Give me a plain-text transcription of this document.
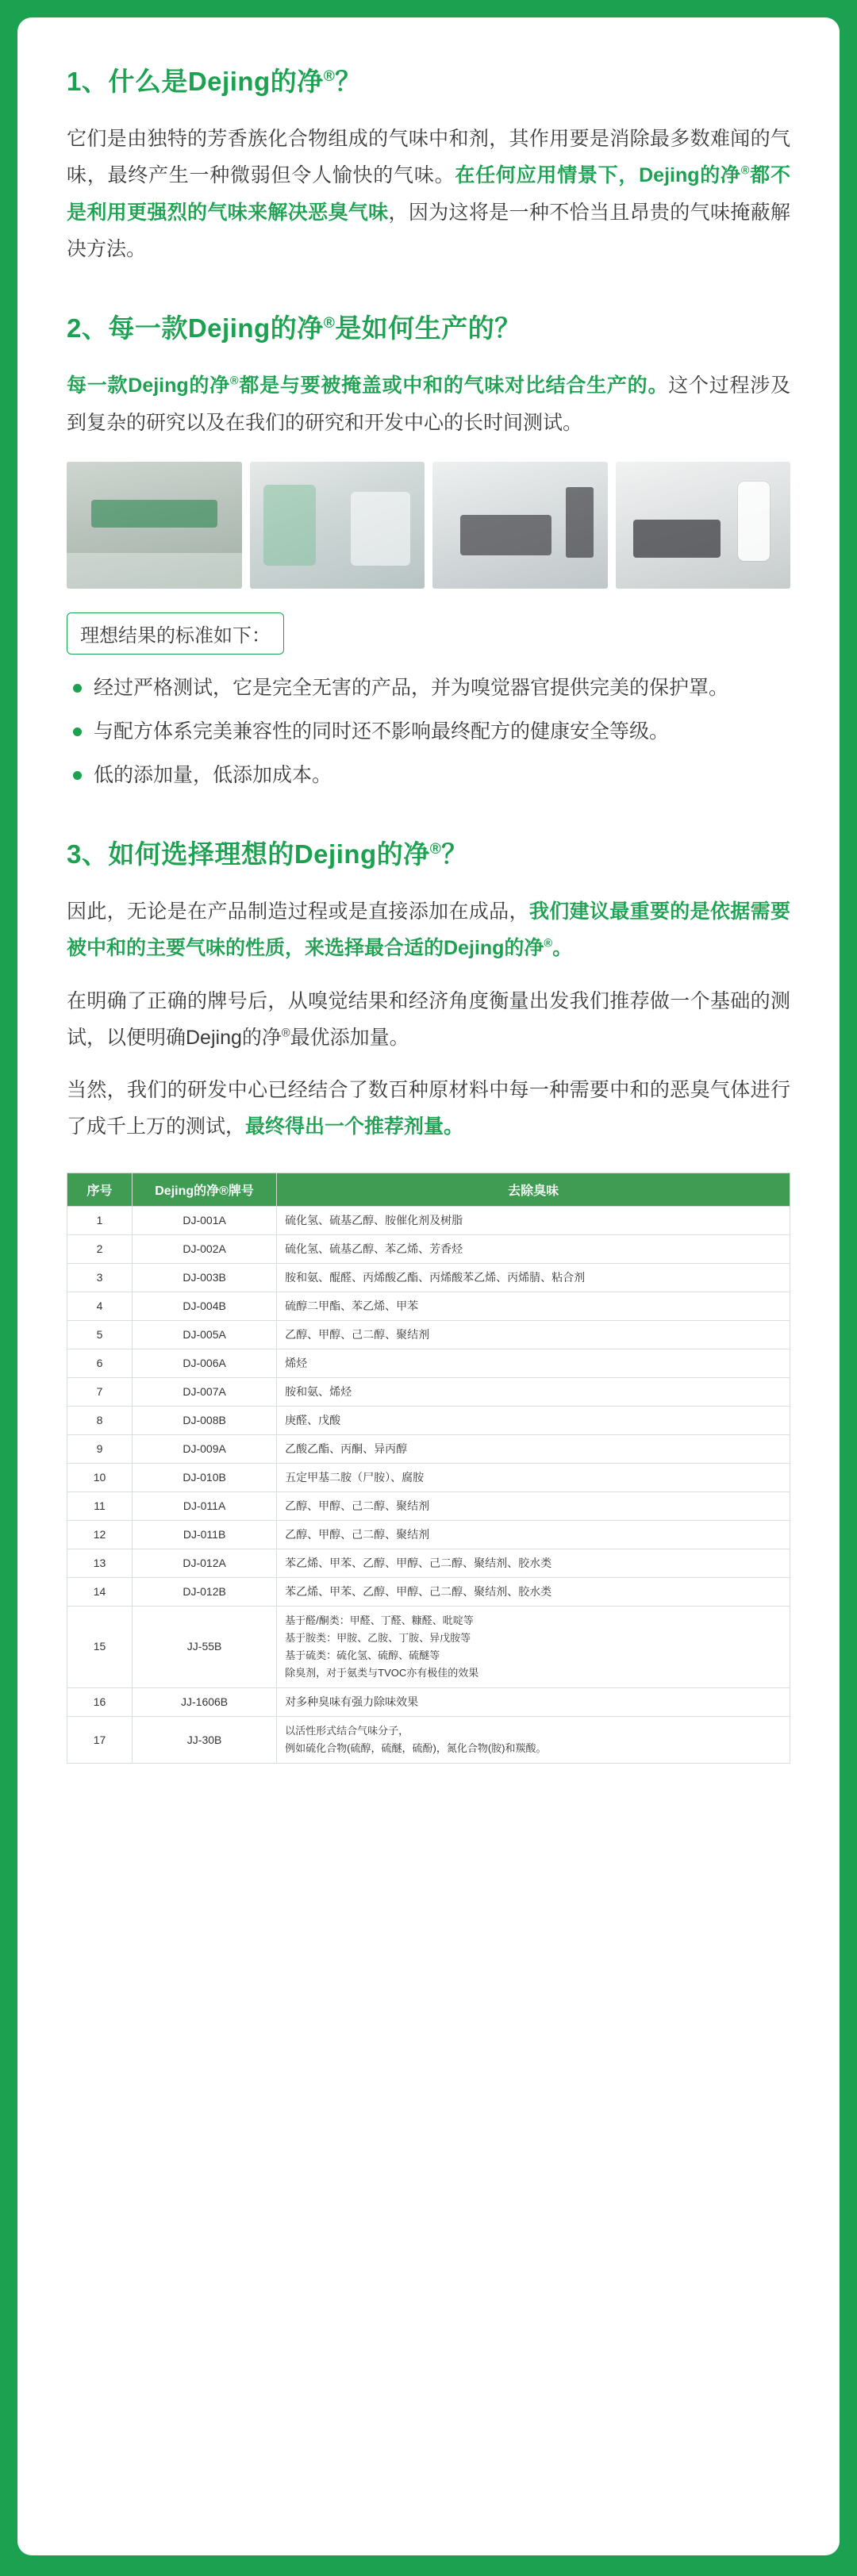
1、什么是Dejing的净®？

它们是由独特的芳香族化合物组成的气味中和剂，其作用要是消除最多数难闻的气味，最终产生一种微弱但令人愉快的气味。在任何应用情景下，Dejing的净®都不是利用更强烈的气味来解决恶臭气味，因为这将是一种不恰当且昂贵的气味掩蔽解决方法。

2、每一款Dejing的净®是如何生产的？

每一款Dejing的净®都是与要被掩盖或中和的气味对比结合生产的。这个过程涉及到复杂的研究以及在我们的研究和开发中心的长时间测试。

理想结果的标准如下：
经过严格测试，它是完全无害的产品，并为嗅觉器官提供完美的保护罩。
与配方体系完美兼容性的同时还不影响最终配方的健康安全等级。
低的添加量，低添加成本。
3、如何选择理想的Dejing的净®？

因此，无论是在产品制造过程或是直接添加在成品，我们建议最重要的是依据需要被中和的主要气味的性质，来选择最合适的Dejing的净®。

在明确了正确的牌号后，从嗅觉结果和经济角度衡量出发我们推荐做一个基础的测试，以便明确Dejing的净®最优添加量。

当然，我们的研发中心已经结合了数百种原材料中每一种需要中和的恶臭气体进行了成千上万的测试，最终得出一个推荐剂量。

序号	Dejing的净®牌号	去除臭味
1	DJ-001A	硫化氢、硫基乙醇、胺催化剂及树脂
2	DJ-002A	硫化氢、硫基乙醇、苯乙烯、芳香烃
3	DJ-003B	胺和氨、醌醛、丙烯酸乙酯、丙烯酸苯乙烯、丙烯腈、粘合剂
4	DJ-004B	硫醇二甲酯、苯乙烯、甲苯
5	DJ-005A	乙醇、甲醇、己二醇、聚结剂
6	DJ-006A	烯烃
7	DJ-007A	胺和氨、烯烃
8	DJ-008B	庚醛、戊酸
9	DJ-009A	乙酸乙酯、丙酮、异丙醇
10	DJ-010B	五定甲基二胺（尸胺）、腐胺
11	DJ-011A	乙醇、甲醇、己二醇、聚结剂
12	DJ-011B	乙醇、甲醇、己二醇、聚结剂
13	DJ-012A	苯乙烯、甲苯、乙醇、甲醇、己二醇、聚结剂、胶水类
14	DJ-012B	苯乙烯、甲苯、乙醇、甲醇、己二醇、聚结剂、胶水类
15	JJ-55B	基于醛/酮类：甲醛、丁醛、糠醛、吡啶等
基于胺类：甲胺、乙胺、丁胺、异戊胺等
基于硫类：硫化氢、硫醇、硫醚等
除臭剂，对于氨类与TVOC亦有极佳的效果

16	JJ-1606B	对多种臭味有强力除味效果
17	JJ-30B	以活性形式结合气味分子，
例如硫化合物(硫醇，硫醚，硫酚)，氮化合物(胺)和羰酸。
